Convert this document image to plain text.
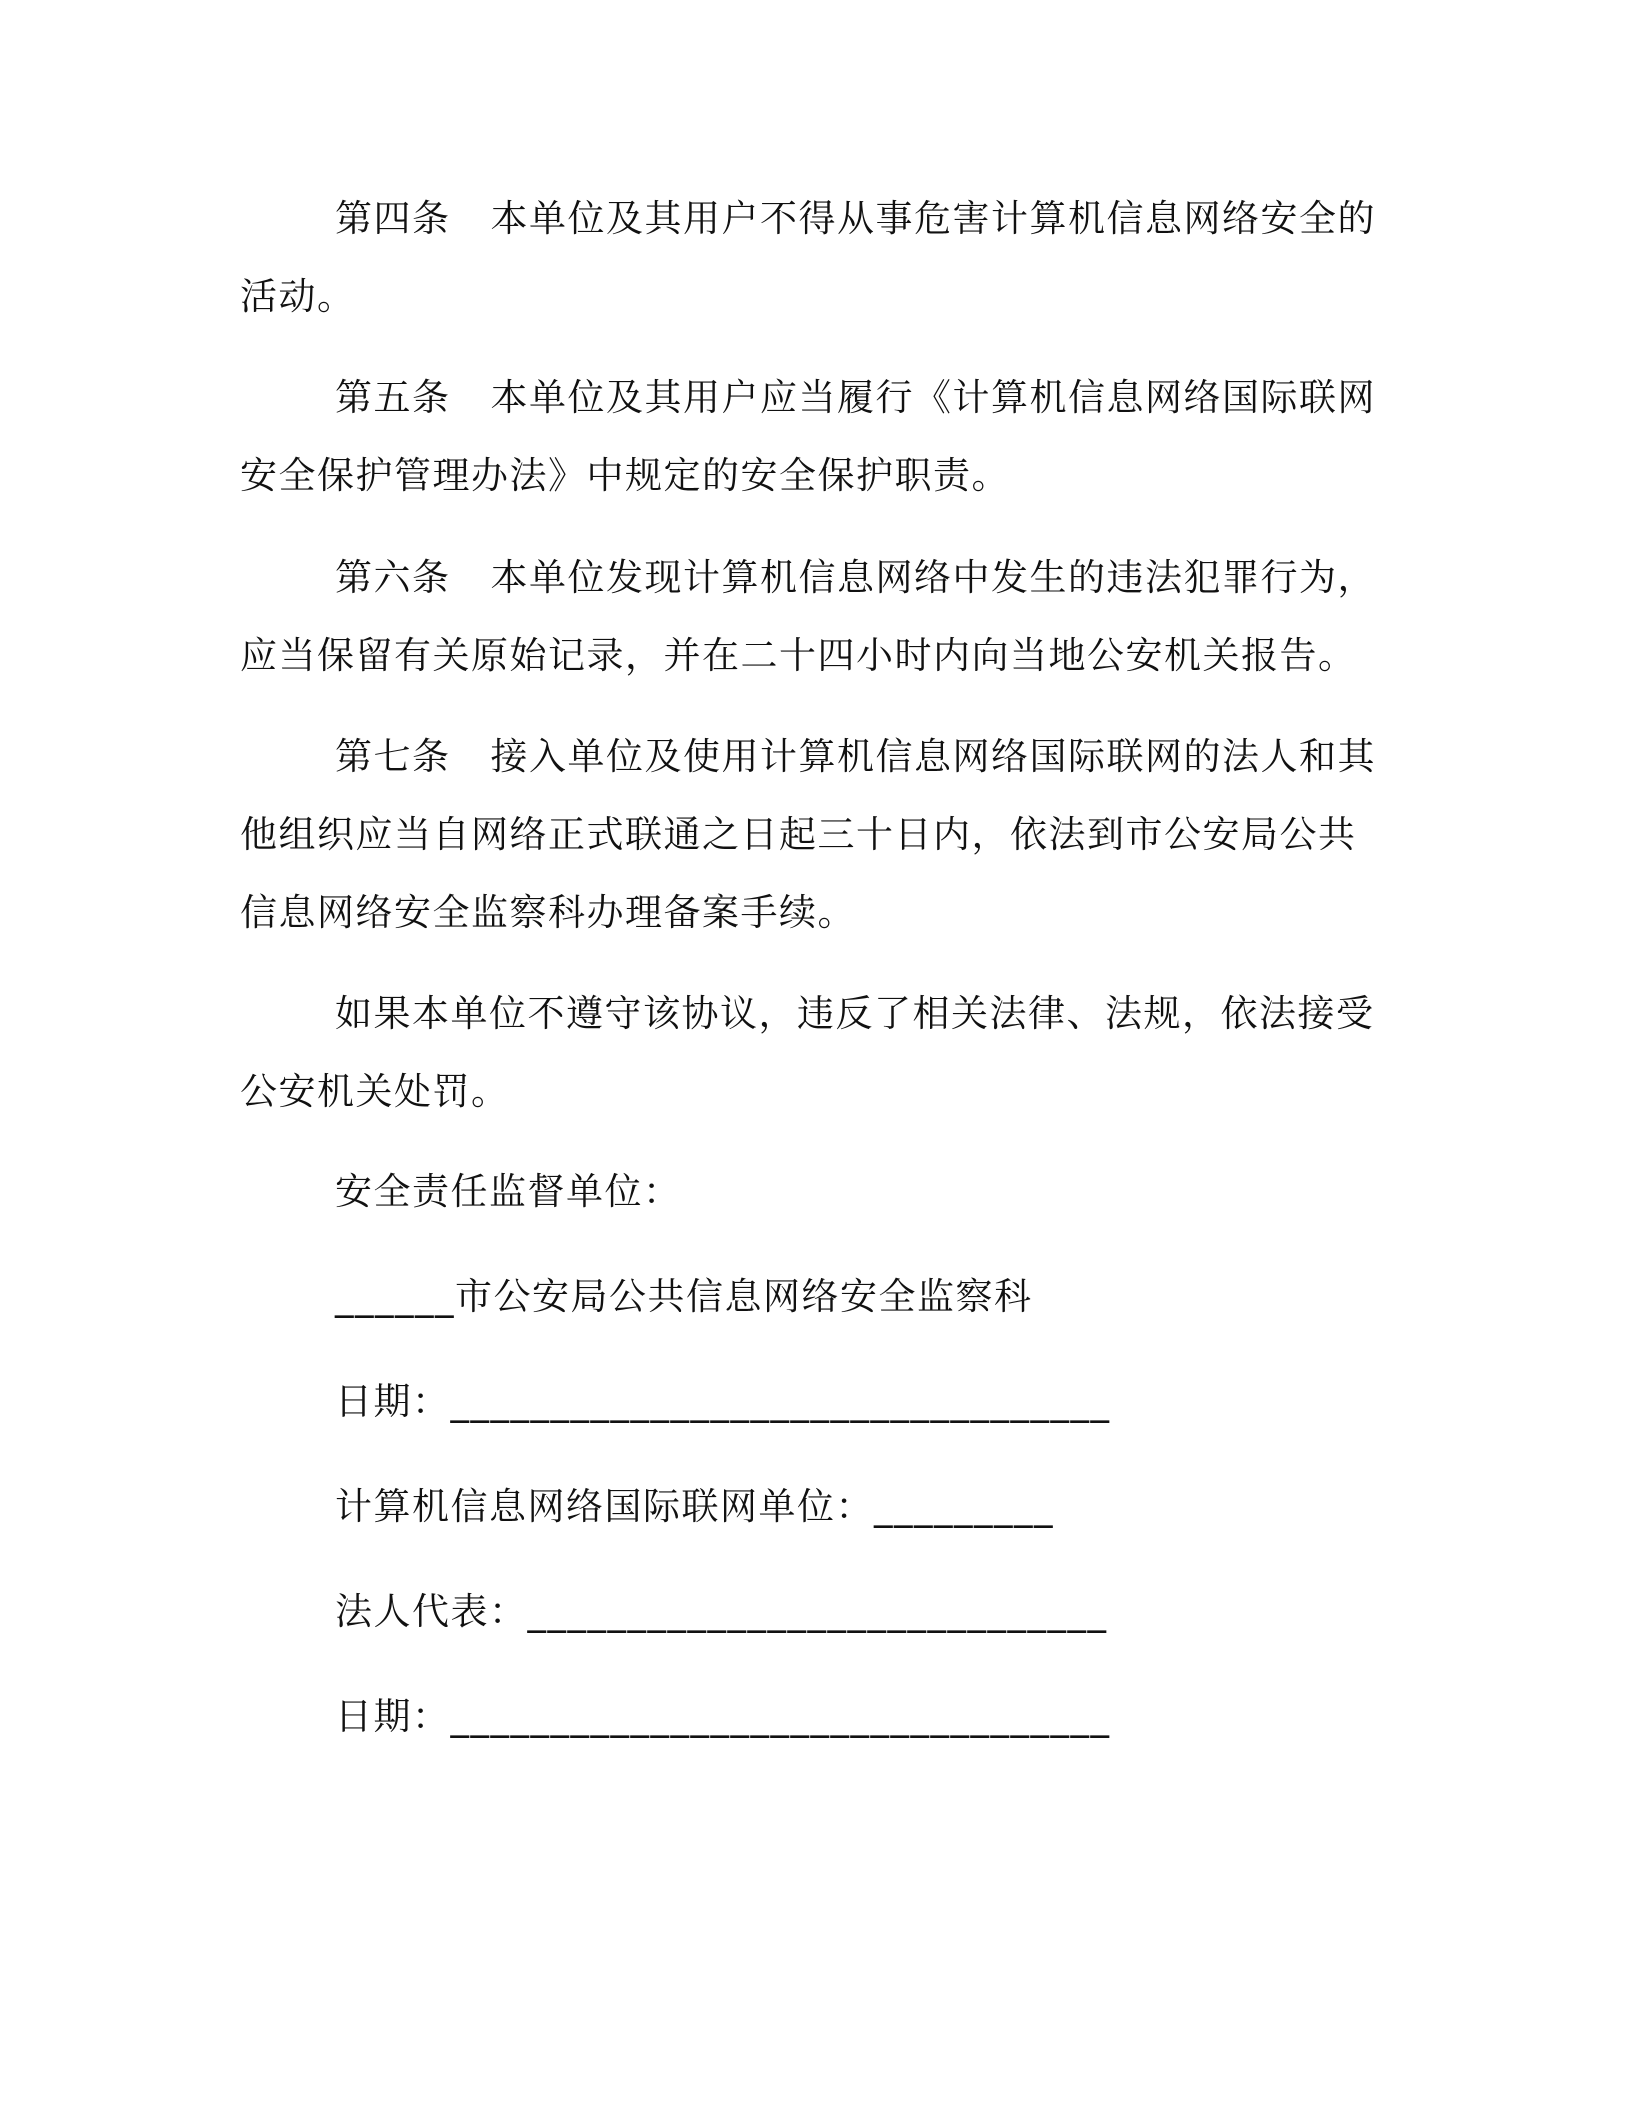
第四条 本单位及其用户不得从事危害计算机信息网络安全的活动。

第五条 本单位及其用户应当履行《计算机信息网络国际联网安全保护管理办法》中规定的安全保护职责。

第六条 本单位发现计算机信息网络中发生的违法犯罪行为，应当保留有关原始记录，并在二十四小时内向当地公安机关报告。

第七条 接入单位及使用计算机信息网络国际联网的法人和其他组织应当自网络正式联通之日起三十日内，依法到市公安局公共信息网络安全监察科办理备案手续。

如果本单位不遵守该协议，违反了相关法律、法规，依法接受公安机关处罚。

安全责任监督单位：
______市公安局公共信息网络安全监察科
日期：_________________________________
计算机信息网络国际联网单位：_________
法人代表：_____________________________
日期：_________________________________
